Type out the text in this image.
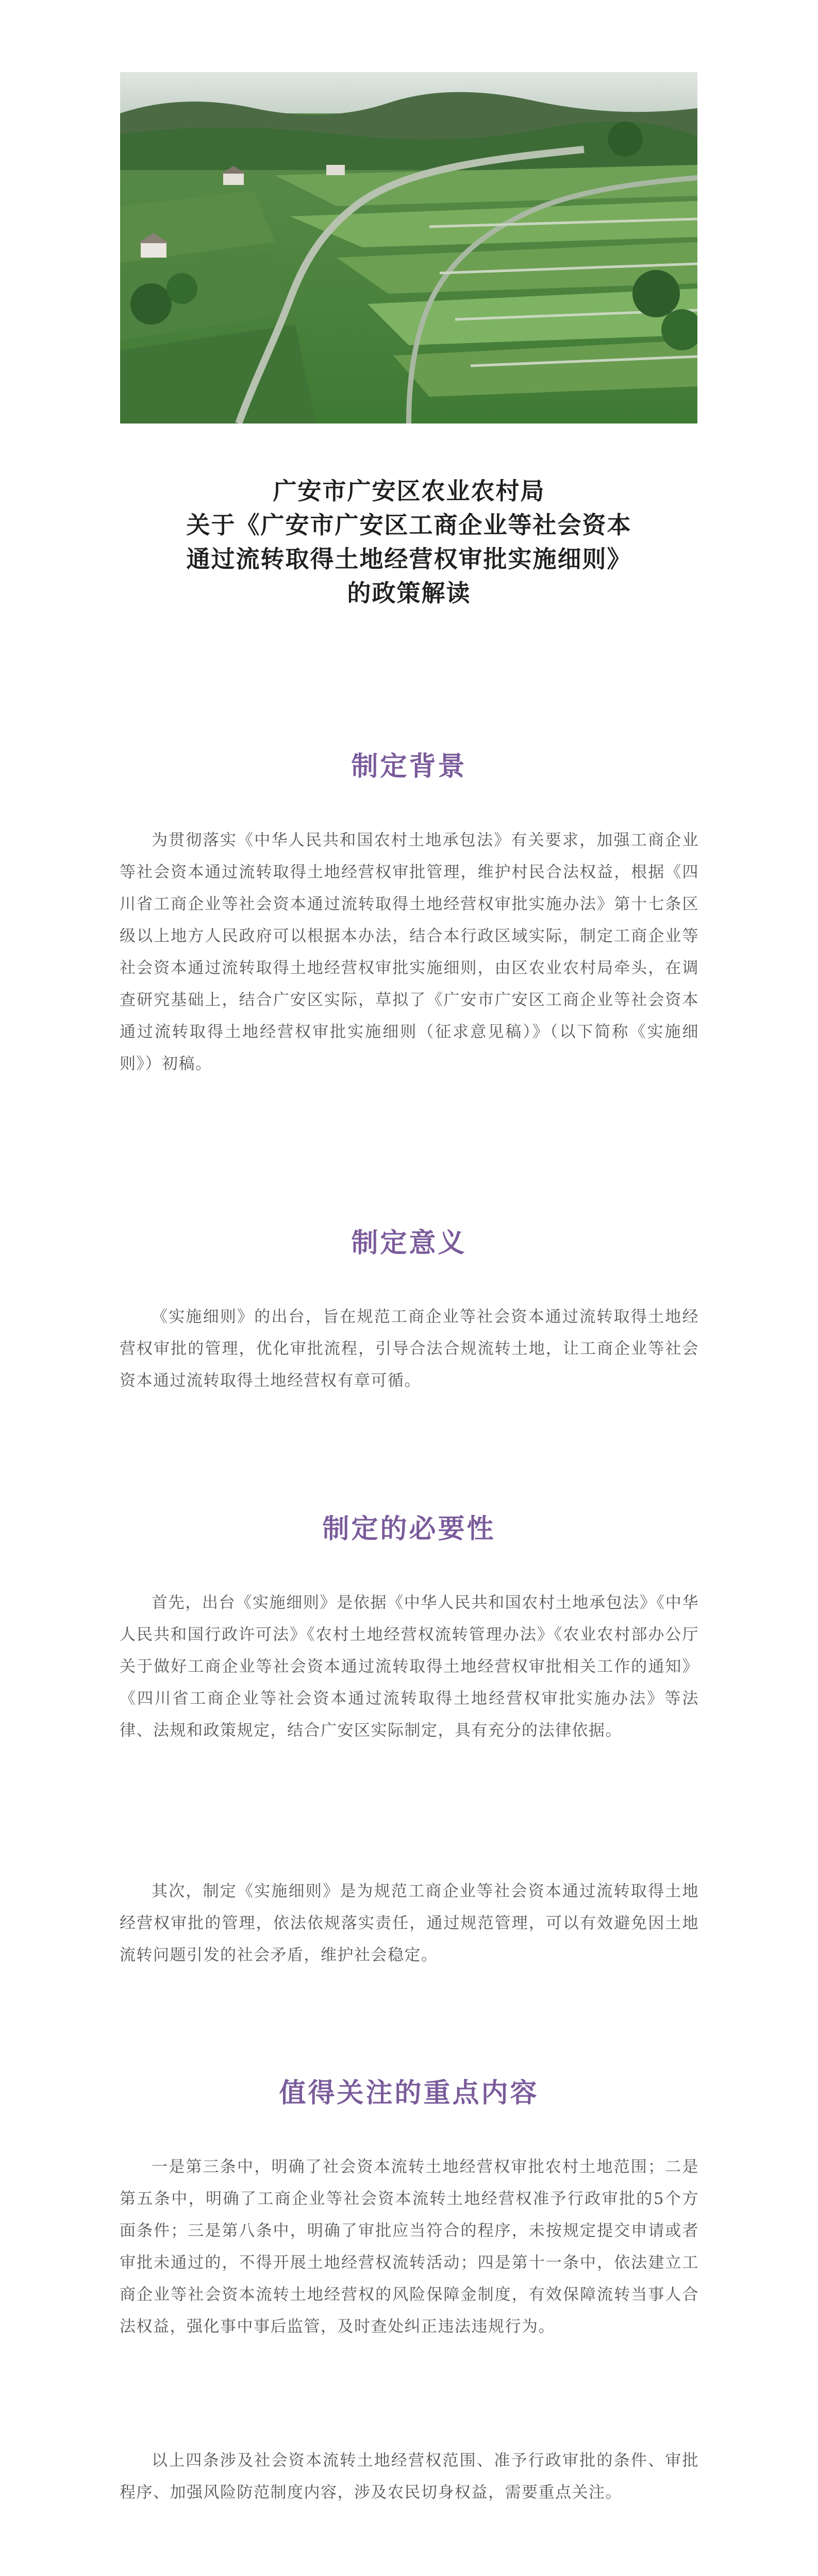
广安市广安区农业农村局
关于《广安市广安区工商企业等社会资本
通过流转取得土地经营权审批实施细则》
的政策解读
制定背景

为贯彻落实《中华人民共和国农村土地承包法》有关要求，加强工商企业等社会资本通过流转取得土地经营权审批管理，维护村民合法权益，根据《四川省工商企业等社会资本通过流转取得土地经营权审批实施办法》第十七条区级以上地方人民政府可以根据本办法，结合本行政区域实际，制定工商企业等社会资本通过流转取得土地经营权审批实施细则，由区农业农村局牵头，在调查研究基础上，结合广安区实际，草拟了《广安市广安区工商企业等社会资本通过流转取得土地经营权审批实施细则（征求意见稿）》（以下简称《实施细则》）初稿。

制定意义

《实施细则》的出台，旨在规范工商企业等社会资本通过流转取得土地经营权审批的管理，优化审批流程，引导合法合规流转土地，让工商企业等社会资本通过流转取得土地经营权有章可循。

制定的必要性

首先，出台《实施细则》是依据《中华人民共和国农村土地承包法》《中华人民共和国行政许可法》《农村土地经营权流转管理办法》《农业农村部办公厅关于做好工商企业等社会资本通过流转取得土地经营权审批相关工作的通知》《四川省工商企业等社会资本通过流转取得土地经营权审批实施办法》等法律、法规和政策规定，结合广安区实际制定，具有充分的法律依据。

其次，制定《实施细则》是为规范工商企业等社会资本通过流转取得土地经营权审批的管理，依法依规落实责任，通过规范管理，可以有效避免因土地流转问题引发的社会矛盾，维护社会稳定。

值得关注的重点内容

一是第三条中，明确了社会资本流转土地经营权审批农村土地范围；二是第五条中，明确了工商企业等社会资本流转土地经营权准予行政审批的5个方面条件；三是第八条中，明确了审批应当符合的程序，未按规定提交申请或者审批未通过的，不得开展土地经营权流转活动；四是第十一条中，依法建立工商企业等社会资本流转土地经营权的风险保障金制度，有效保障流转当事人合法权益，强化事中事后监管，及时查处纠正违法违规行为。

以上四条涉及社会资本流转土地经营权范围、准予行政审批的条件、审批程序、加强风险防范制度内容，涉及农民切身权益，需要重点关注。
